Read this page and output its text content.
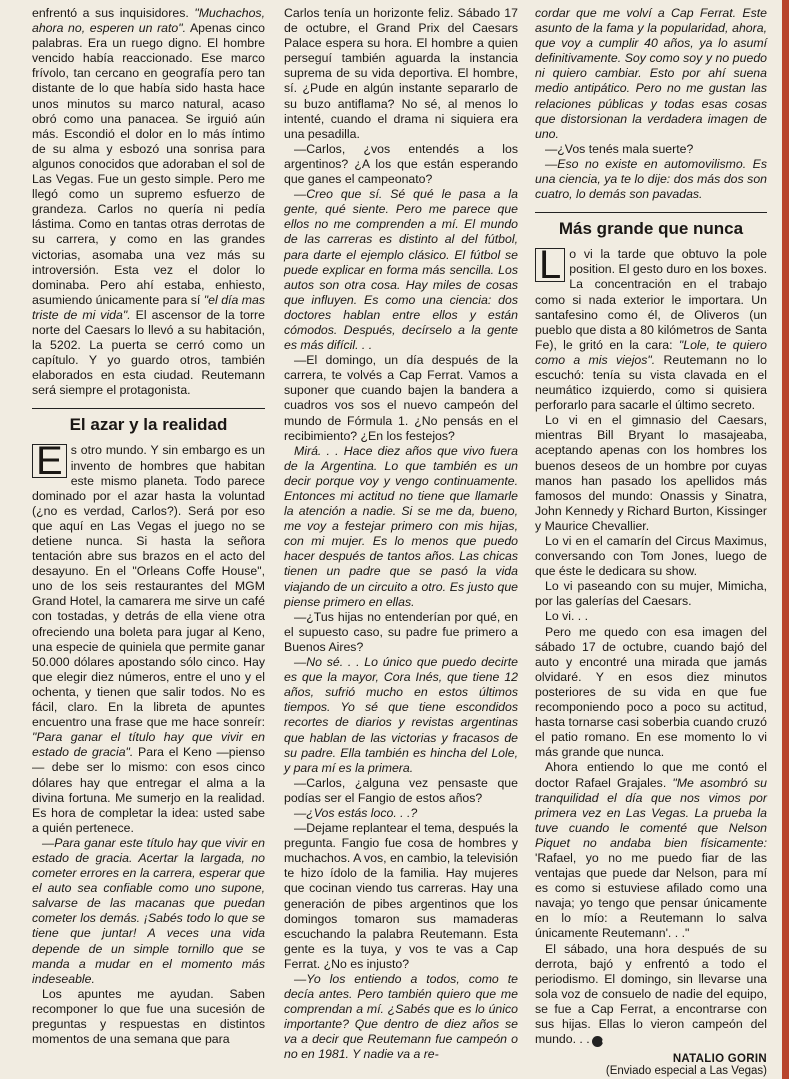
enfrentó a sus inquisidores. "Muchachos, ahora no, esperen un rato". Apenas cinco palabras. Era un ruego digno. El hombre vencido había reaccionado. Ese marco frívolo, tan cercano en geografía pero tan distante de lo que había sido hasta hace unos minutos su marco natural, acaso obró como una panacea. Se irguió aún más. Escondió el dolor en lo más íntimo de su alma y esbozó una sonrisa para algunos conocidos que adoraban el sol de Las Vegas. Fue un gesto simple. Pero me llegó como un supremo esfuerzo de grandeza. Carlos no quería ni pedía lástima. Como en tantas otras derrotas de su carrera, y como en las grandes victorias, asomaba una vez más su introversión. Esta vez el dolor lo dominaba. Pero ahí estaba, enhiesto, asumiendo únicamente para sí "el día mas triste de mi vida". El ascensor de la torre norte del Caesars lo llevó a su habitación, la 5202. La puerta se cerró como un capítulo. Y yo guardo otros, también elaborados en esta ciudad. Reutemann será siempre el protagonista.

El azar y la realidad

E s otro mundo. Y sin embargo es un invento de hombres que habitan este mismo planeta. Todo parece dominado por el azar hasta la voluntad (¿no es verdad, Carlos?). Será por eso que aquí en Las Vegas el juego no se detiene nunca. Si hasta la señora tentación abre sus brazos en el acto del desayuno. En el "Orleans Coffe House", uno de los seis restaurantes del MGM Grand Hotel, la camarera me sirve un café con tostadas, y detrás de ella viene otra ofreciendo una boleta para jugar al Keno, una especie de quiniela que permite ganar 50.000 dólares apostando sólo cinco. Hay que elegir diez números, entre el uno y el ochenta, y tienen que salir todos. No es fácil, claro. En la libreta de apuntes encuentro una frase que me hace sonreír: "Para ganar el título hay que vivir en estado de gracia". Para el Keno —pienso— debe ser lo mismo: con esos cinco dólares hay que entregar el alma a la divina fortuna. Me sumerjo en la realidad. Es hora de completar la idea: usted sabe a quién pertenece.

—Para ganar este título hay que vivir en estado de gracia. Acertar la largada, no cometer errores en la carrera, esperar que el auto sea confiable como uno supone, salvarse de las macanas que puedan cometer los demás. ¡Sabés todo lo que se tiene que juntar! A veces una vida depende de un simple tornillo que se manda a mudar en el momento más indeseable.

Los apuntes me ayudan. Saben recomponer lo que fue una sucesión de preguntas y respuestas en distintos momentos de una semana que para

Carlos tenía un horizonte feliz. Sábado 17 de octubre, el Grand Prix del Caesars Palace espera su hora. El hombre a quien perseguí también aguarda la instancia suprema de su vida deportiva. El hombre, sí. ¿Pude en algún instante separarlo de su buzo antiflama? No sé, al menos lo intenté, cuando el drama ni siquiera era una pesadilla.

—Carlos, ¿vos entendés a los argentinos? ¿A los que están esperando que ganes el campeonato?

—Creo que sí. Sé qué le pasa a la gente, qué siente. Pero me parece que ellos no me comprenden a mí. El mundo de las carreras es distinto al del fútbol, para darte el ejemplo clásico. El fútbol se puede explicar en forma más sencilla. Los autos son otra cosa. Hay miles de cosas que influyen. Es como una ciencia: dos doctores hablan entre ellos y están cómodos. Después, decírselo a la gente es más difícil. . .

—El domingo, un día después de la carrera, te volvés a Cap Ferrat. Vamos a suponer que cuando bajen la bandera a cuadros vos sos el nuevo campeón del mundo de Fórmula 1. ¿No pensás en el recibimiento? ¿En los festejos?

Mirá. . . Hace diez años que vivo fuera de la Argentina. Lo que también es un decir porque voy y vengo continuamente. Entonces mi actitud no tiene que llamarle la atención a nadie. Si se me da, bueno, me voy a festejar primero con mis hijas, con mi mujer. Es lo menos que puedo hacer después de tantos años. Las chicas tienen un padre que se pasó la vida viajando de un circuito a otro. Es justo que piense primero en ellas.

—¿Tus hijas no entenderían por qué, en el supuesto caso, su padre fue primero a Buenos Aires?

—No sé. . . Lo único que puedo decirte es que la mayor, Cora Inés, que tiene 12 años, sufrió mucho en estos últimos tiempos. Yo sé que tiene escondidos recortes de diarios y revistas argentinas que hablan de las victorias y fracasos de su padre. Ella también es hincha del Lole, y para mí es la primera.

—Carlos, ¿alguna vez pensaste que podías ser el Fangio de estos años?

—¿Vos estás loco. . .?

—Dejame replantear el tema, después la pregunta. Fangio fue cosa de hombres y muchachos. A vos, en cambio, la televisión te hizo ídolo de la familia. Hay mujeres que cocinan viendo tus carreras. Hay una generación de pibes argentinos que los domingos tomaron sus mamaderas escuchando la palabra Reutemann. Esta gente es la tuya, y vos te vas a Cap Ferrat. ¿No es injusto?

—Yo los entiendo a todos, como te decía antes. Pero también quiero que me comprendan a mí. ¿Sabés que es lo único importante? Que dentro de diez años se va a decir que Reutemann fue campeón o no en 1981. Y nadie va a re-

cordar que me volví a Cap Ferrat. Este asunto de la fama y la popularidad, ahora, que voy a cumplir 40 años, ya lo asumí definitivamente. Soy como soy y no puedo ni quiero cambiar. Esto por ahí suena medio antipático. Pero no me gustan las relaciones públicas y todas esas cosas que distorsionan la verdadera imagen de uno.

—¿Vos tenés mala suerte?

—Eso no existe en automovilismo. Es una ciencia, ya te lo dije: dos más dos son cuatro, lo demás son pavadas.

Más grande que nunca

L o vi la tarde que obtuvo la pole position. El gesto duro en los boxes. La concentración en el trabajo como si nada exterior le importara. Un santafesino como él, de Oliveros (un pueblo que dista a 80 kilómetros de Santa Fe), le gritó en la cara: "Lole, te quiero como a mis viejos". Reutemann no lo escuchó: tenía su vista clavada en el neumático izquierdo, como si quisiera perforarlo para sacarle el último secreto.

Lo vi en el gimnasio del Caesars, mientras Bill Bryant lo masajeaba, aceptando apenas con los hombres los buenos deseos de un hombre por cuyas manos han pasado los apellidos más famosos del mundo: Onassis y Sinatra, John Kennedy y Richard Burton, Kissinger y Maurice Chevallier.

Lo vi en el camarín del Circus Maximus, conversando con Tom Jones, luego de que éste le dedicara su show.

Lo vi paseando con su mujer, Mimicha, por las galerías del Caesars.

Lo vi. . .

Pero me quedo con esa imagen del sábado 17 de octubre, cuando bajó del auto y encontré una mirada que jamás olvidaré. Y en esos diez minutos posteriores de su vida en que fue recomponiendo poco a poco su actitud, hasta tornarse casi soberbia cuando cruzó el patio romano. En ese momento lo vi más grande que nunca.

Ahora entiendo lo que me contó el doctor Rafael Grajales. "Me asombró su tranquilidad el día que nos vimos por primera vez en Las Vegas. La prueba la tuve cuando le comenté que Nelson Piquet no andaba bien físicamente: 'Rafael, yo no me puedo fiar de las ventajas que puede dar Nelson, para mí es como si estuviese afilado como una navaja; yo tengo que pensar únicamente en lo mío: a Reutemann lo salva únicamente Reutemann'. . ."

El sábado, una hora después de su derrota, bajó y enfrentó a todo el periodismo. El domingo, sin llevarse una sola voz de consuelo de nadie del equipo, se fue a Cap Ferrat, a encontrarse con sus hijas. Ellas lo vieron campeón del mundo. . . ✪

NATALIO GORIN
(Enviado especial a Las Vegas)
